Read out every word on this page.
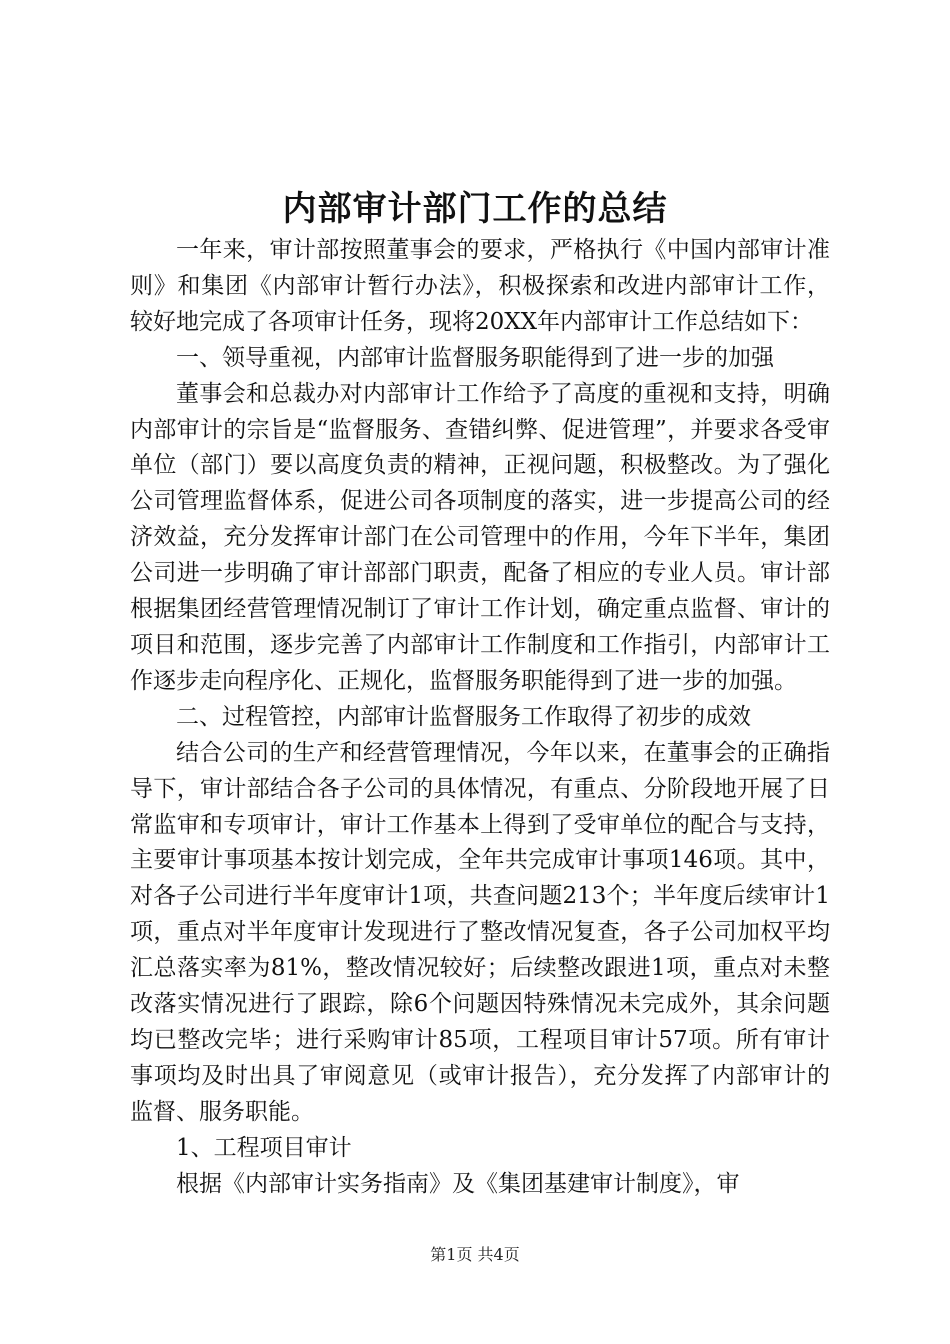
内部审计部门工作的总结

一年来，审计部按照董事会的要求，严格执行《中国内部审计准则》和集团《内部审计暂行办法》，积极探索和改进内部审计工作，较好地完成了各项审计任务，现将20XX年内部审计工作总结如下：

一、领导重视，内部审计监督服务职能得到了进一步的加强

董事会和总裁办对内部审计工作给予了高度的重视和支持，明确内部审计的宗旨是“监督服务、查错纠弊、促进管理”，并要求各受审单位（部门）要以高度负责的精神，正视问题，积极整改。为了强化公司管理监督体系，促进公司各项制度的落实，进一步提高公司的经济效益，充分发挥审计部门在公司管理中的作用，今年下半年，集团公司进一步明确了审计部部门职责，配备了相应的专业人员。审计部根据集团经营管理情况制订了审计工作计划，确定重点监督、审计的项目和范围，逐步完善了内部审计工作制度和工作指引，内部审计工作逐步走向程序化、正规化，监督服务职能得到了进一步的加强。

二、过程管控，内部审计监督服务工作取得了初步的成效

结合公司的生产和经营管理情况，今年以来，在董事会的正确指导下，审计部结合各子公司的具体情况，有重点、分阶段地开展了日常监审和专项审计，审计工作基本上得到了受审单位的配合与支持，主要审计事项基本按计划完成，全年共完成审计事项146项。其中，对各子公司进行半年度审计1项，共查问题213个；半年度后续审计1项，重点对半年度审计发现进行了整改情况复查，各子公司加权平均汇总落实率为81%，整改情况较好；后续整改跟进1项，重点对未整改落实情况进行了跟踪，除6个问题因特殊情况未完成外，其余问题均已整改完毕；进行采购审计85项，工程项目审计57项。所有审计事项均及时出具了审阅意见（或审计报告），充分发挥了内部审计的监督、服务职能。

1、工程项目审计

根据《内部审计实务指南》及《集团基建审计制度》，审

第1页 共4页
